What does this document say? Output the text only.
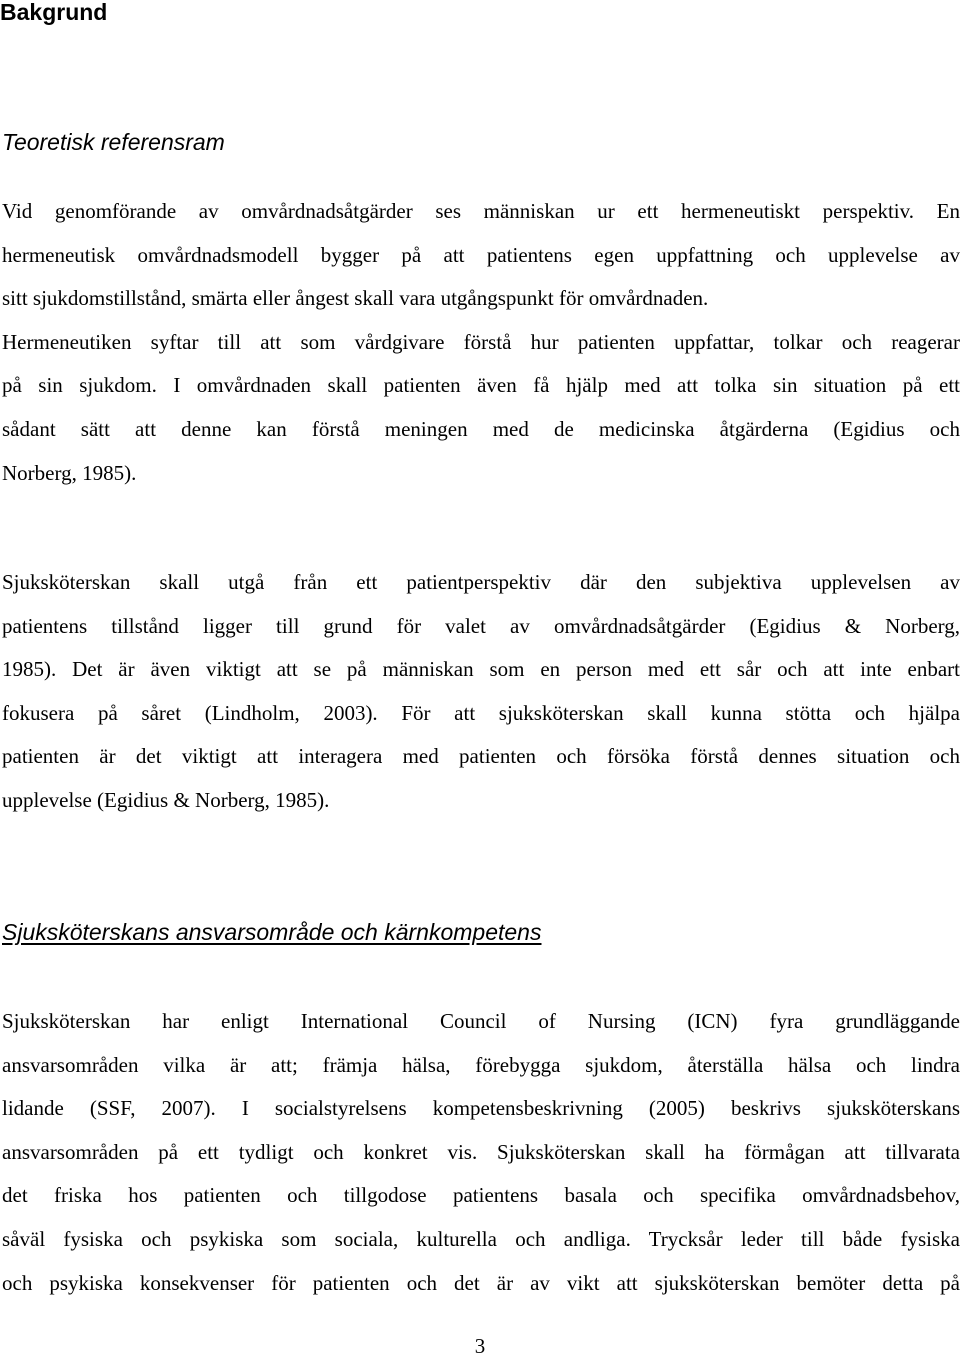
Bakgrund
Teoretisk referensram

Vid genomförande av omvårdnadsåtgärder ses människan ur ett hermeneutiskt perspektiv. En
hermeneutisk omvårdnadsmodell bygger på att patientens egen uppfattning och upplevelse av
sitt sjukdomstillstånd, smärta eller ångest skall vara utgångspunkt för omvårdnaden.
Hermeneutiken syftar till att som vårdgivare förstå hur patienten uppfattar, tolkar och reagerar
på sin sjukdom. I omvårdnaden skall patienten även få hjälp med att tolka sin situation på ett
sådant sätt att denne kan förstå meningen med de medicinska åtgärderna (Egidius och
Norberg, 1985).
Sjuksköterskan skall utgå från ett patientperspektiv där den subjektiva upplevelsen av
patientens tillstånd ligger till grund för valet av omvårdnadsåtgärder (Egidius & Norberg,
1985). Det är även viktigt att se på människan som en person med ett sår och att inte enbart
fokusera på såret (Lindholm, 2003). För att sjuksköterskan skall kunna stötta och hjälpa
patienten är det viktigt att interagera med patienten och försöka förstå dennes situation och
upplevelse (Egidius & Norberg, 1985).
Sjuksköterskans ansvarsområde och kärnkompetens
Sjuksköterskan har enligt International Council of Nursing (ICN) fyra grundläggande
ansvarsområden vilka är att; främja hälsa, förebygga sjukdom, återställa hälsa och lindra
lidande (SSF, 2007). I socialstyrelsens kompetensbeskrivning (2005) beskrivs sjuksköterskans
ansvarsområden på ett tydligt och konkret vis. Sjuksköterskan skall ha förmågan att tillvarata
det friska hos patienten och tillgodose patientens basala och specifika omvårdnadsbehov,
såväl fysiska och psykiska som sociala, kulturella och andliga. Trycksår leder till både fysiska
och psykiska konsekvenser för patienten och det är av vikt att sjuksköterskan bemöter detta på
3
